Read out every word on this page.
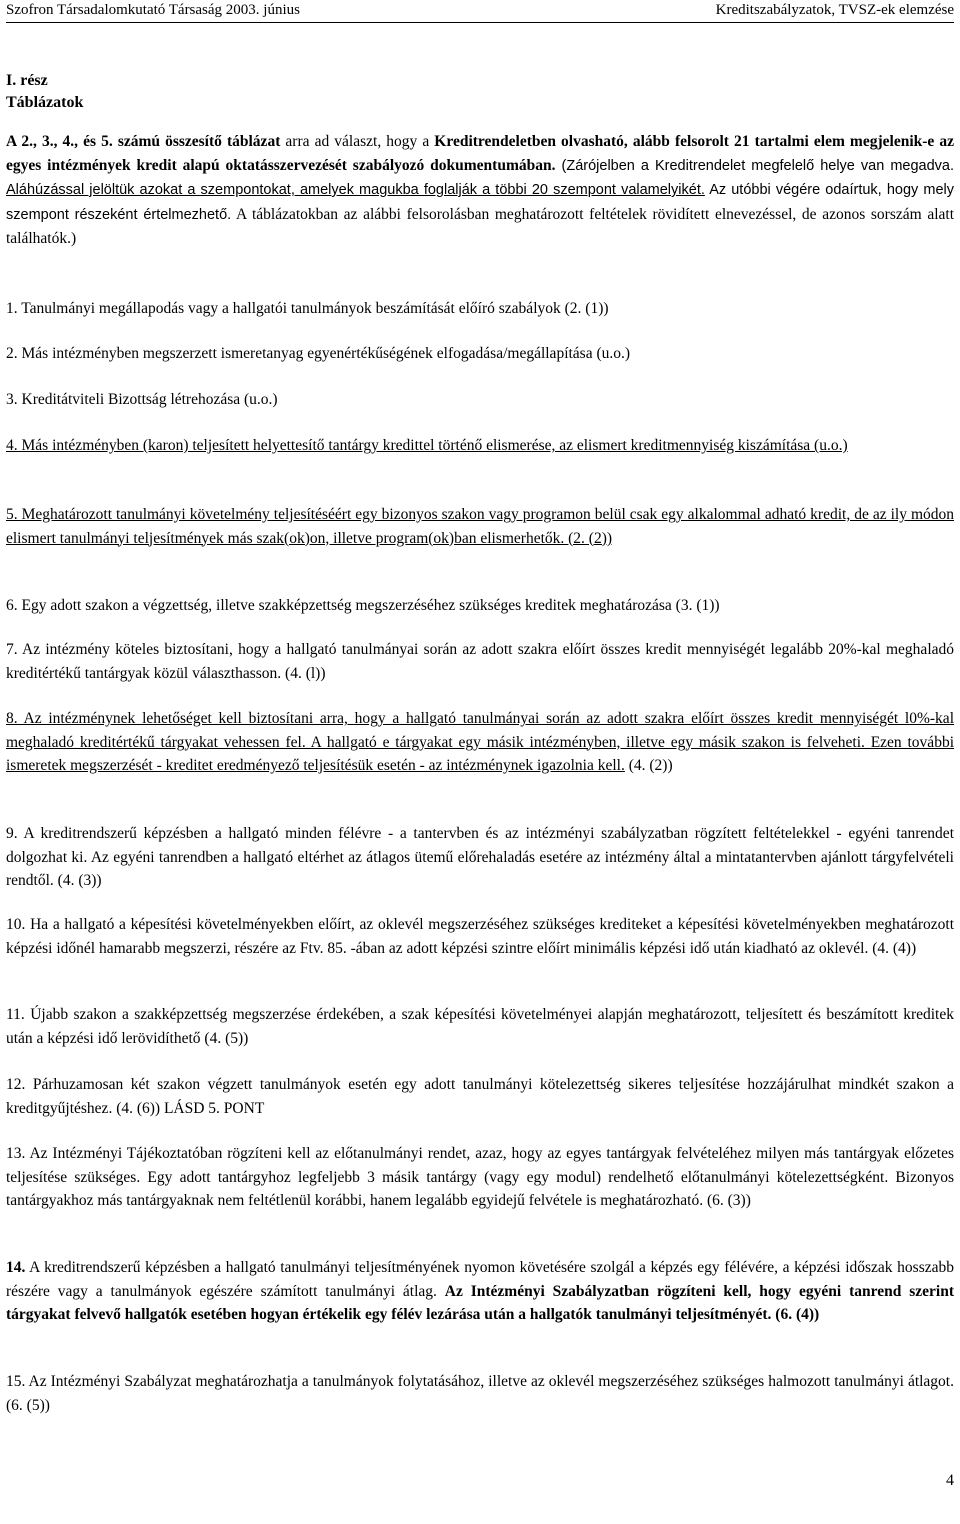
Szofron Társadalomkutató Társaság 2003. június	Kreditszabályzatok, TVSZ-ek elemzése
I. rész
Táblázatok

A 2., 3., 4., és 5. számú összesítő táblázat arra ad választ, hogy a Kreditrendeletben olvasható, alább felsorolt 21 tartalmi elem megjelenik-e az egyes intézmények kredit alapú oktatásszervezését szabályozó dokumentumában. (Zárójelben a Kreditrendelet megfelelő helye van megadva. Aláhúzással jelöltük azokat a szempontokat, amelyek magukba foglalják a többi 20 szempont valamelyikét. Az utóbbi végére odaírtuk, hogy mely szempont részeként értelmezhető. A táblázatokban az alábbi felsorolásban meghatározott feltételek rövidített elnevezéssel, de azonos sorszám alatt találhatók.)

1. Tanulmányi megállapodás vagy a hallgatói tanulmányok beszámítását előíró szabályok (2. (1))

2. Más intézményben megszerzett ismeretanyag egyenértékűségének elfogadása/megállapítása (u.o.)

3. Kreditátviteli Bizottság létrehozása (u.o.)

4. Más intézményben (karon) teljesített helyettesítő tantárgy kredittel történő elismerése, az elismert kreditmennyiség kiszámítása (u.o.)

5. Meghatározott tanulmányi követelmény teljesítéséért egy bizonyos szakon vagy programon belül csak egy alkalommal adható kredit, de az ily módon elismert tanulmányi teljesítmények más szak(ok)on, illetve program(ok)ban elismerhetők. (2. (2))

6. Egy adott szakon a végzettség, illetve szakképzettség megszerzéséhez szükséges kreditek meghatározása (3. (1))

7. Az intézmény köteles biztosítani, hogy a hallgató tanulmányai során az adott szakra előírt összes kredit mennyiségét legalább 20%-kal meghaladó kreditértékű tantárgyak közül választhasson. (4. (l))

8. Az intézménynek lehetőséget kell biztosítani arra, hogy a hallgató tanulmányai során az adott szakra előírt összes kredit mennyiségét l0%-kal meghaladó kreditértékű tárgyakat vehessen fel. A hallgató e tárgyakat egy másik intézményben, illetve egy másik szakon is felveheti. Ezen további ismeretek megszerzését - kreditet eredményező teljesítésük esetén - az intézménynek igazolnia kell. (4. (2))

9. A kreditrendszerű képzésben a hallgató minden félévre - a tantervben és az intézményi szabályzatban rögzített feltételekkel - egyéni tanrendet dolgozhat ki. Az egyéni tanrendben a hallgató eltérhet az átlagos ütemű előrehaladás esetére az intézmény által a mintatantervben ajánlott tárgyfelvételi rendtől. (4. (3))

10. Ha a hallgató a képesítési követelményekben előírt, az oklevél megszerzéséhez szükséges krediteket a képesítési követelményekben meghatározott képzési időnél hamarabb megszerzi, részére az Ftv. 85. -ában az adott képzési szintre előírt minimális képzési idő után kiadható az oklevél. (4. (4))

11. Újabb szakon a szakképzettség megszerzése érdekében, a szak képesítési követelményei alapján meghatározott, teljesített és beszámított kreditek után a képzési idő lerövidíthető (4. (5))

12. Párhuzamosan két szakon végzett tanulmányok esetén egy adott tanulmányi kötelezettség sikeres teljesítése hozzájárulhat mindkét szakon a kreditgyűjtéshez. (4. (6)) LÁSD 5. PONT

13. Az Intézményi Tájékoztatóban rögzíteni kell az előtanulmányi rendet, azaz, hogy az egyes tantárgyak felvételéhez milyen más tantárgyak előzetes teljesítése szükséges. Egy adott tantárgyhoz legfeljebb 3 másik tantárgy (vagy egy modul) rendelhető előtanulmányi kötelezettségként. Bizonyos tantárgyakhoz más tantárgyaknak nem feltétlenül korábbi, hanem legalább egyidejű felvétele is meghatározható. (6. (3))

14. A kreditrendszerű képzésben a hallgató tanulmányi teljesítményének nyomon követésére szolgál a képzés egy félévére, a képzési időszak hosszabb részére vagy a tanulmányok egészére számított tanulmányi átlag. Az Intézményi Szabályzatban rögzíteni kell, hogy egyéni tanrend szerint tárgyakat felvevő hallgatók esetében hogyan értékelik egy félév lezárása után a hallgatók tanulmányi teljesítményét. (6. (4))

15. Az Intézményi Szabályzat meghatározhatja a tanulmányok folytatásához, illetve az oklevél megszerzéséhez szükséges halmozott tanulmányi átlagot. (6. (5))

4
